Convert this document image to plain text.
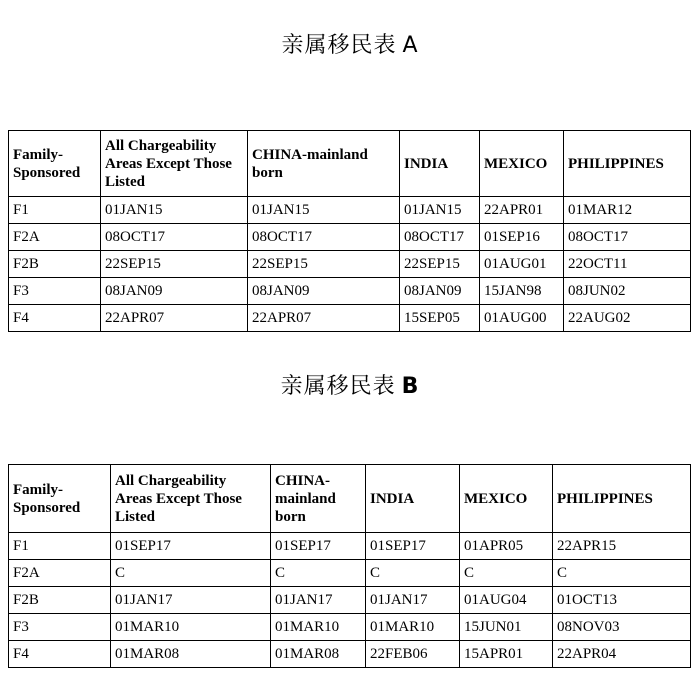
亲属移民表 A
Family-Sponsored	All Chargeability Areas Except Those Listed	CHINA-mainland born	INDIA	MEXICO	PHILIPPINES
F1	01JAN15	01JAN15	01JAN15	22APR01	01MAR12
F2A	08OCT17	08OCT17	08OCT17	01SEP16	08OCT17
F2B	22SEP15	22SEP15	22SEP15	01AUG01	22OCT11
F3	08JAN09	08JAN09	08JAN09	15JAN98	08JUN02
F4	22APR07	22APR07	15SEP05	01AUG00	22AUG02
亲属移民表 B
Family-Sponsored	All Chargeability Areas Except Those Listed	CHINA-mainland born	INDIA	MEXICO	PHILIPPINES
F1	01SEP17	01SEP17	01SEP17	01APR05	22APR15
F2A	C	C	C	C	C
F2B	01JAN17	01JAN17	01JAN17	01AUG04	01OCT13
F3	01MAR10	01MAR10	01MAR10	15JUN01	08NOV03
F4	01MAR08	01MAR08	22FEB06	15APR01	22APR04
